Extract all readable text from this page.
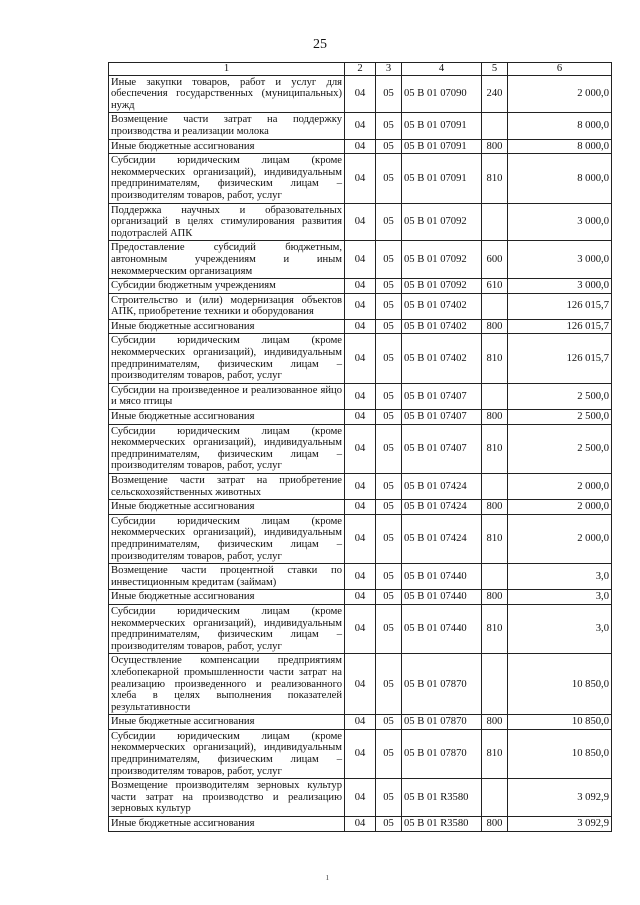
25
1	2	3	4	5	6
Иные закупки товаров, работ и услуг для обеспечения государственных (муниципальных) нужд	04	05	05 В 01 07090	240	2 000,0
Возмещение части затрат на поддержку производства и реализации молока	04	05	05 В 01 07091		8 000,0
Иные бюджетные ассигнования	04	05	05 В 01 07091	800	8 000,0
Субсидии юридическим лицам (кроме некоммерческих организаций), индивидуальным предпринимателям, физическим лицам – производителям товаров, работ, услуг	04	05	05 В 01 07091	810	8 000,0
Поддержка научных и образовательных организаций в целях стимулирования развития подотраслей АПК	04	05	05 В 01 07092		3 000,0
Предоставление субсидий бюджетным, автономным учреждениям и иным некоммерческим организациям	04	05	05 В 01 07092	600	3 000,0
Субсидии бюджетным учреждениям	04	05	05 В 01 07092	610	3 000,0
Строительство и (или) модернизация объектов АПК, приобретение техники и оборудования	04	05	05 В 01 07402		126 015,7
Иные бюджетные ассигнования	04	05	05 В 01 07402	800	126 015,7
Субсидии юридическим лицам (кроме некоммерческих организаций), индивидуальным предпринимателям, физическим лицам – производителям товаров, работ, услуг	04	05	05 В 01 07402	810	126 015,7
Субсидии на произведенное и реализованное яйцо и мясо птицы	04	05	05 В 01 07407		2 500,0
Иные бюджетные ассигнования	04	05	05 В 01 07407	800	2 500,0
Субсидии юридическим лицам (кроме некоммерческих организаций), индивидуальным предпринимателям, физическим лицам – производителям товаров, работ, услуг	04	05	05 В 01 07407	810	2 500,0
Возмещение части затрат на приобретение сельскохозяйственных животных	04	05	05 В 01 07424		2 000,0
Иные бюджетные ассигнования	04	05	05 В 01 07424	800	2 000,0
Субсидии юридическим лицам (кроме некоммерческих организаций), индивидуальным предпринимателям, физическим лицам – производителям товаров, работ, услуг	04	05	05 В 01 07424	810	2 000,0
Возмещение части процентной ставки по инвестиционным кредитам (займам)	04	05	05 В 01 07440		3,0
Иные бюджетные ассигнования	04	05	05 В 01 07440	800	3,0
Субсидии юридическим лицам (кроме некоммерческих организаций), индивидуальным предпринимателям, физическим лицам – производителям товаров, работ, услуг	04	05	05 В 01 07440	810	3,0
Осуществление компенсации предприятиям хлебопекарной промышленности части затрат на реализацию произведенного и реализованного хлеба в целях выполнения показателей результативности	04	05	05 В 01 07870		10 850,0
Иные бюджетные ассигнования	04	05	05 В 01 07870	800	10 850,0
Субсидии юридическим лицам (кроме некоммерческих организаций), индивидуальным предпринимателям, физическим лицам – производителям товаров, работ, услуг	04	05	05 В 01 07870	810	10 850,0
Возмещение производителям зерновых культур части затрат на производство и реализацию зерновых культур	04	05	05 В 01 R3580		3 092,9
Иные бюджетные ассигнования	04	05	05 В 01 R3580	800	3 092,9
ı
